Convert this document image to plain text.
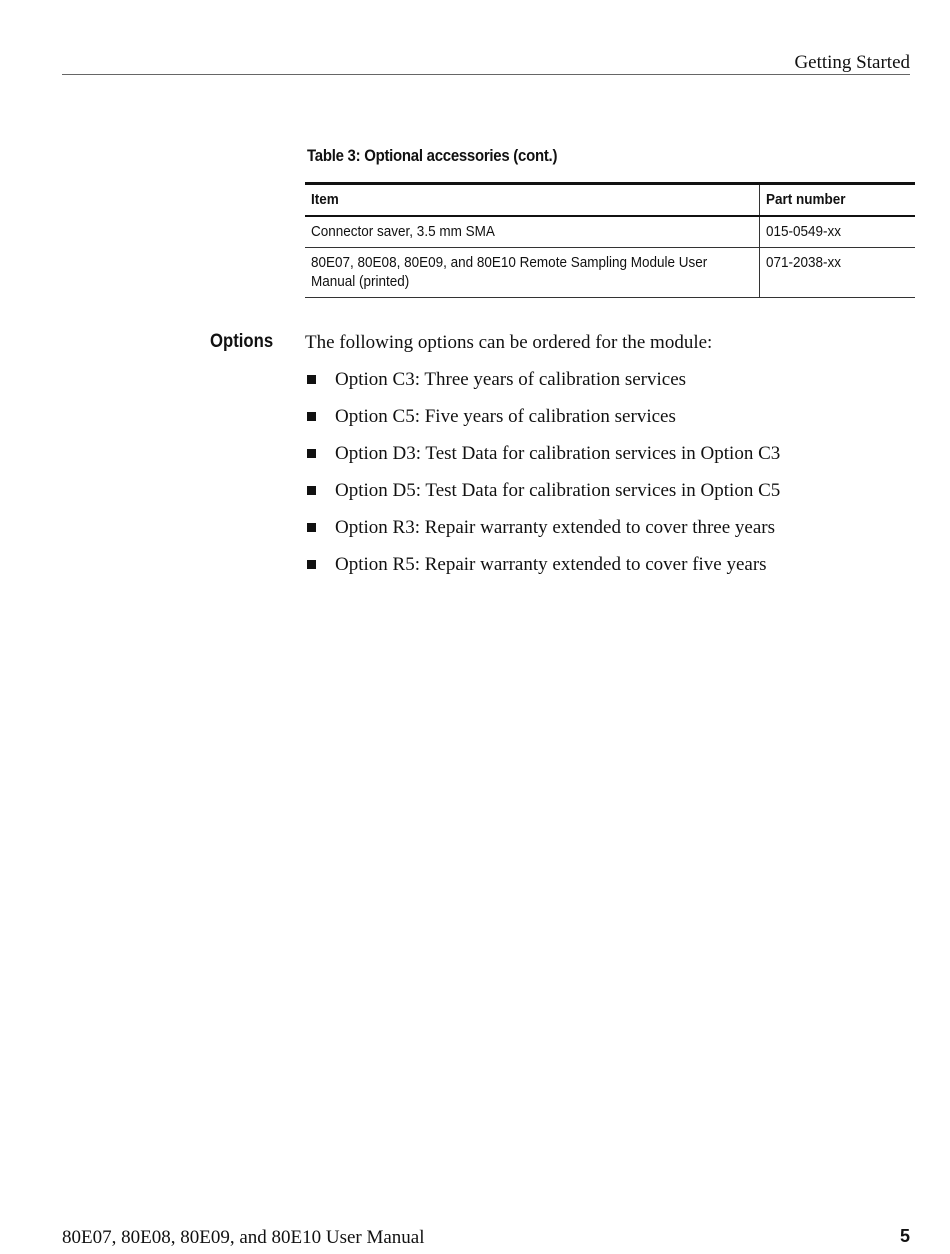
Getting Started
Table 3: Optional accessories (cont.)
Item	Part number
Connector saver, 3.5 mm SMA	015-0549-xx
80E07, 80E08, 80E09, and 80E10 Remote Sampling Module User Manual (printed)	071-2038-xx
Options The following options can be ordered for the module:
Option C3: Three years of calibration services
Option C5: Five years of calibration services
Option D3: Test Data for calibration services in Option C3
Option D5: Test Data for calibration services in Option C5
Option R3: Repair warranty extended to cover three years
Option R5: Repair warranty extended to cover five years
80E07, 80E08, 80E09, and 80E10 User Manual	5
